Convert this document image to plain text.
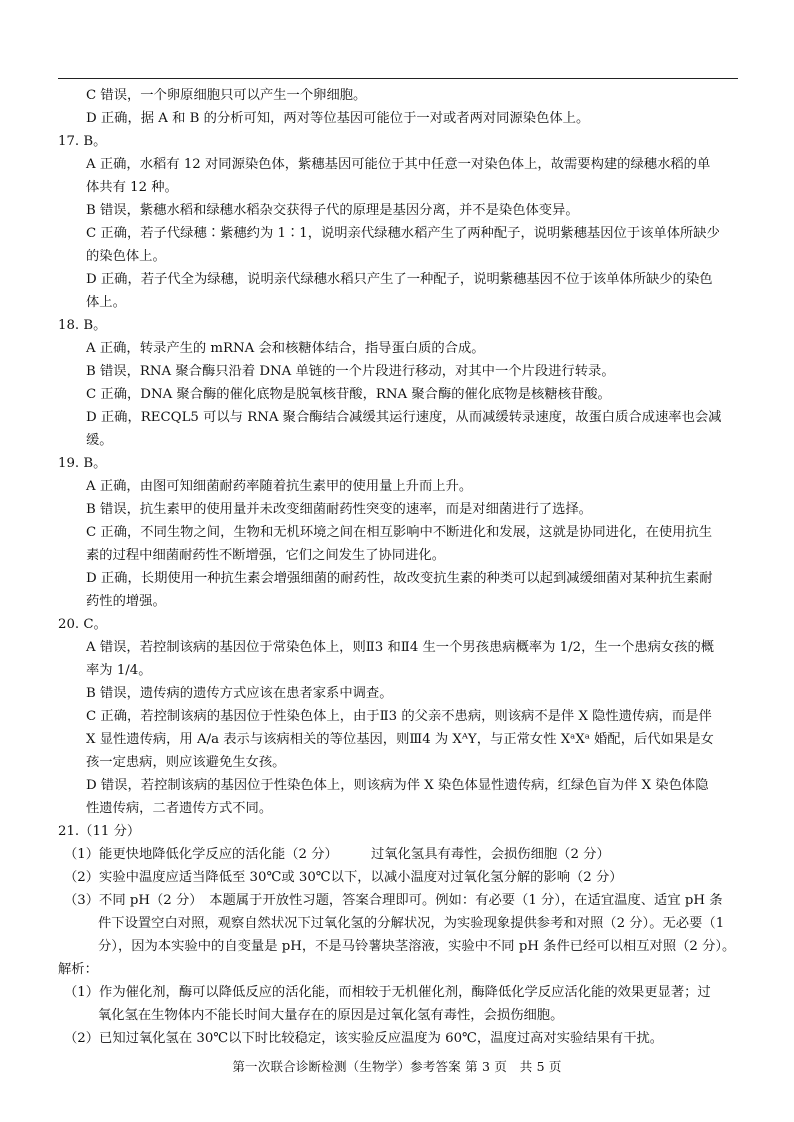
C 错误，一个卵原细胞只可以产生一个卵细胞。
D 正确，据 A 和 B 的分析可知，两对等位基因可能位于一对或者两对同源染色体上。
17. B。
A 正确，水稻有 12 对同源染色体，紫穗基因可能位于其中任意一对染色体上，故需要构建的绿穗水稻的单
体共有 12 种。
B 错误，紫穗水稻和绿穗水稻杂交获得子代的原理是基因分离，并不是染色体变异。
C 正确，若子代绿穗∶紫穗约为 1∶1，说明亲代绿穗水稻产生了两种配子，说明紫穗基因位于该单体所缺少
的染色体上。
D 正确，若子代全为绿穗，说明亲代绿穗水稻只产生了一种配子，说明紫穗基因不位于该单体所缺少的染色
体上。
18. B。
A 正确，转录产生的 mRNA 会和核糖体结合，指导蛋白质的合成。
B 错误，RNA 聚合酶只沿着 DNA 单链的一个片段进行移动，对其中一个片段进行转录。
C 正确，DNA 聚合酶的催化底物是脱氧核苷酸，RNA 聚合酶的催化底物是核糖核苷酸。
D 正确，RECQL5 可以与 RNA 聚合酶结合减缓其运行速度，从而减缓转录速度，故蛋白质合成速率也会减
缓。
19. B。
A 正确，由图可知细菌耐药率随着抗生素甲的使用量上升而上升。
B 错误，抗生素甲的使用量并未改变细菌耐药性突变的速率，而是对细菌进行了选择。
C 正确，不同生物之间，生物和无机环境之间在相互影响中不断进化和发展，这就是协同进化，在使用抗生
素的过程中细菌耐药性不断增强，它们之间发生了协同进化。
D 正确，长期使用一种抗生素会增强细菌的耐药性，故改变抗生素的种类可以起到减缓细菌对某种抗生素耐
药性的增强。
20. C。
A 错误，若控制该病的基因位于常染色体上，则Ⅱ3 和Ⅱ4 生一个男孩患病概率为 1/2，生一个患病女孩的概
率为 1/4。
B 错误，遗传病的遗传方式应该在患者家系中调查。
C 正确，若控制该病的基因位于性染色体上，由于Ⅱ3 的父亲不患病，则该病不是伴 X 隐性遗传病，而是伴
X 显性遗传病，用 A/a 表示与该病相关的等位基因，则Ⅲ4 为 XᴬY，与正常女性 XᵃXᵃ 婚配，后代如果是女
孩一定患病，则应该避免生女孩。
D 错误，若控制该病的基因位于性染色体上，则该病为伴 X 染色体显性遗传病，红绿色盲为伴 X 染色体隐
性遗传病，二者遗传方式不同。
21.（11 分）
（1）能更快地降低化学反应的活化能（2 分）　　　过氧化氢具有毒性，会损伤细胞（2 分）
（2）实验中温度应适当降低至 30℃或 30℃以下，以减小温度对过氧化氢分解的影响（2 分）
（3）不同 pH（2 分）　本题属于开放性习题，答案合理即可。例如：有必要（1 分），在适宜温度、适宜 pH 条
件下设置空白对照，观察自然状况下过氧化氢的分解状况，为实验现象提供参考和对照（2 分）。无必要（1
分），因为本实验中的自变量是 pH，不是马铃薯块茎溶液，实验中不同 pH 条件已经可以相互对照（2 分）。
解析：
（1）作为催化剂，酶可以降低反应的活化能，而相较于无机催化剂，酶降低化学反应活化能的效果更显著；过
氧化氢在生物体内不能长时间大量存在的原因是过氧化氢有毒性，会损伤细胞。
（2）已知过氧化氢在 30℃以下时比较稳定，该实验反应温度为 60℃，温度过高对实验结果有干扰。
第一次联合诊断检测（生物学）参考答案 第 3 页　共 5 页
